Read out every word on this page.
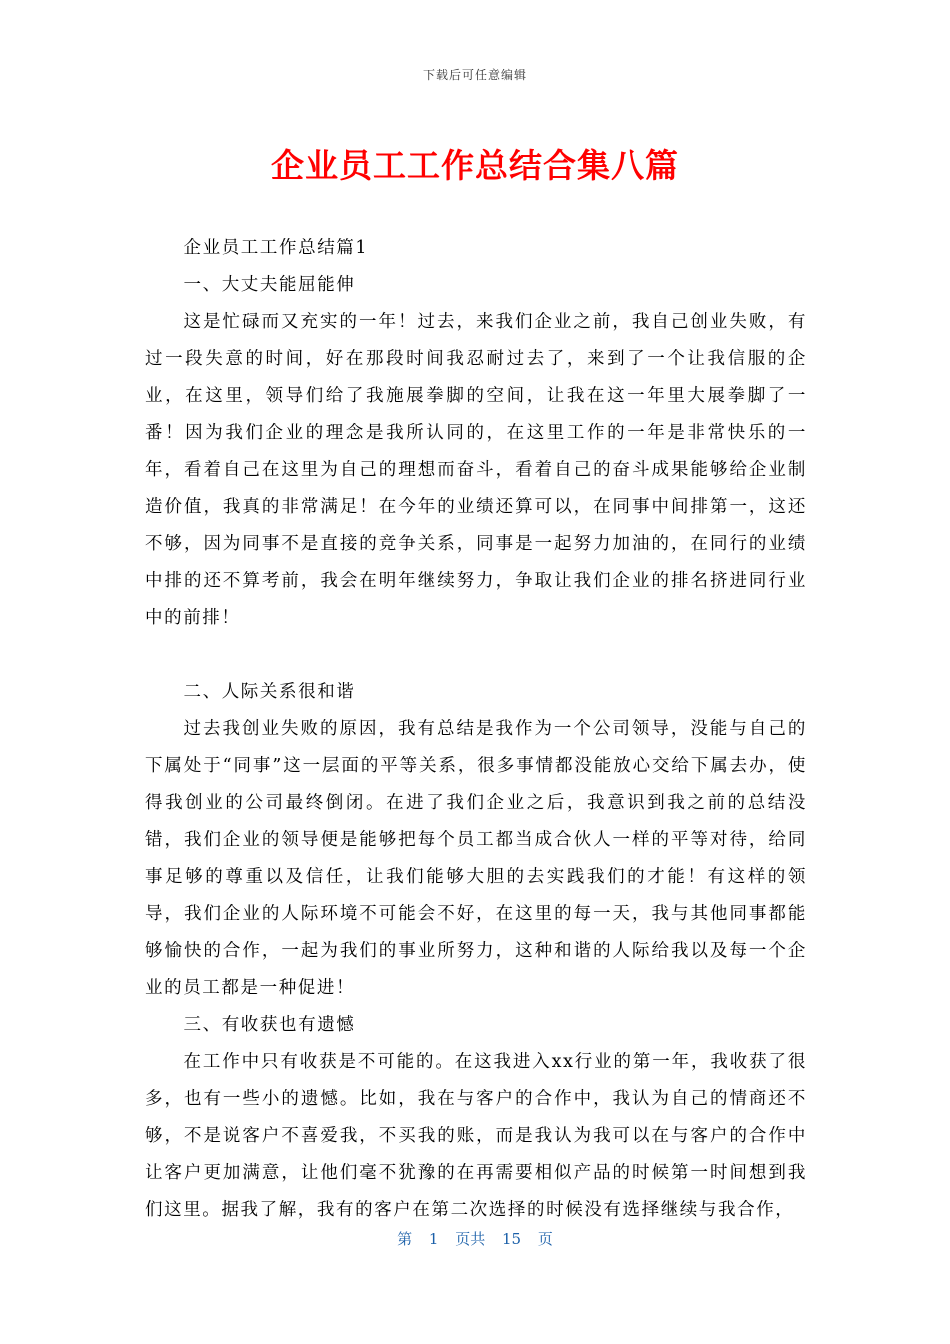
下载后可任意编辑
企业员工工作总结合集八篇

企业员工工作总结篇1

一、大丈夫能屈能伸

这是忙碌而又充实的一年！过去，来我们企业之前，我自己创业失败，有过一段失意的时间，好在那段时间我忍耐过去了，来到了一个让我信服的企业，在这里，领导们给了我施展拳脚的空间，让我在这一年里大展拳脚了一番！因为我们企业的理念是我所认同的，在这里工作的一年是非常快乐的一年，看着自己在这里为自己的理想而奋斗，看着自己的奋斗成果能够给企业制造价值，我真的非常满足！在今年的业绩还算可以，在同事中间排第一，这还不够，因为同事不是直接的竞争关系，同事是一起努力加油的，在同行的业绩中排的还不算考前，我会在明年继续努力，争取让我们企业的排名挤进同行业中的前排！

二、人际关系很和谐

过去我创业失败的原因，我有总结是我作为一个公司领导，没能与自己的下属处于“同事”这一层面的平等关系，很多事情都没能放心交给下属去办，使得我创业的公司最终倒闭。在进了我们企业之后，我意识到我之前的总结没错，我们企业的领导便是能够把每个员工都当成合伙人一样的平等对待，给同事足够的尊重以及信任，让我们能够大胆的去实践我们的才能！有这样的领导，我们企业的人际环境不可能会不好，在这里的每一天，我与其他同事都能够愉快的合作，一起为我们的事业所努力，这种和谐的人际给我以及每一个企业的员工都是一种促进！

三、有收获也有遗憾

在工作中只有收获是不可能的。在这我进入xx行业的第一年，我收获了很多，也有一些小的遗憾。比如，我在与客户的合作中，我认为自己的情商还不够，不是说客户不喜爱我，不买我的账，而是我认为我可以在与客户的合作中让客户更加满意，让他们毫不犹豫的在再需要相似产品的时候第一时间想到我们这里。据我了解，我有的客户在第二次选择的时候没有选择继续与我合作，

第 1 页共 15 页
